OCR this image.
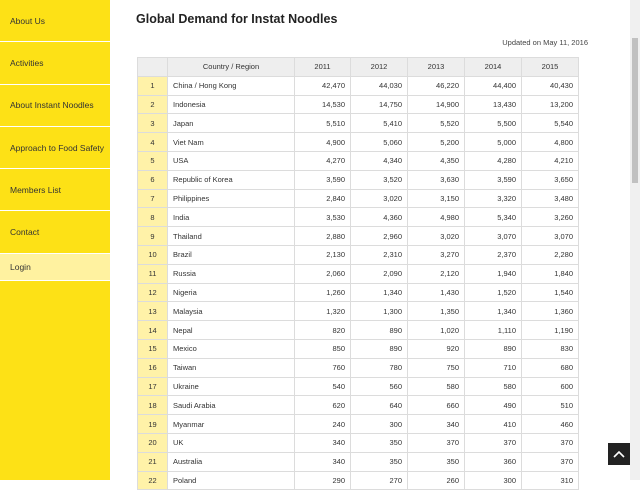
About Us
Activities
About Instant Noodles
Approach to Food Safety
Members List
Contact
Login
Global Demand for Instat Noodles
Updated on May 11, 2016
	Country / Region	2011	2012	2013	2014	2015
1	China / Hong Kong	42,470	44,030	46,220	44,400	40,430
2	Indonesia	14,530	14,750	14,900	13,430	13,200
3	Japan	5,510	5,410	5,520	5,500	5,540
4	Viet Nam	4,900	5,060	5,200	5,000	4,800
5	USA	4,270	4,340	4,350	4,280	4,210
6	Republic of Korea	3,590	3,520	3,630	3,590	3,650
7	Philippines	2,840	3,020	3,150	3,320	3,480
8	India	3,530	4,360	4,980	5,340	3,260
9	Thailand	2,880	2,960	3,020	3,070	3,070
10	Brazil	2,130	2,310	3,270	2,370	2,280
11	Russia	2,060	2,090	2,120	1,940	1,840
12	Nigeria	1,260	1,340	1,430	1,520	1,540
13	Malaysia	1,320	1,300	1,350	1,340	1,360
14	Nepal	820	890	1,020	1,110	1,190
15	Mexico	850	890	920	890	830
16	Taiwan	760	780	750	710	680
17	Ukraine	540	560	580	580	600
18	Saudi Arabia	620	640	660	490	510
19	Myanmar	240	300	340	410	460
20	UK	340	350	370	370	370
21	Australia	340	350	350	360	370
22	Poland	290	270	260	300	310
